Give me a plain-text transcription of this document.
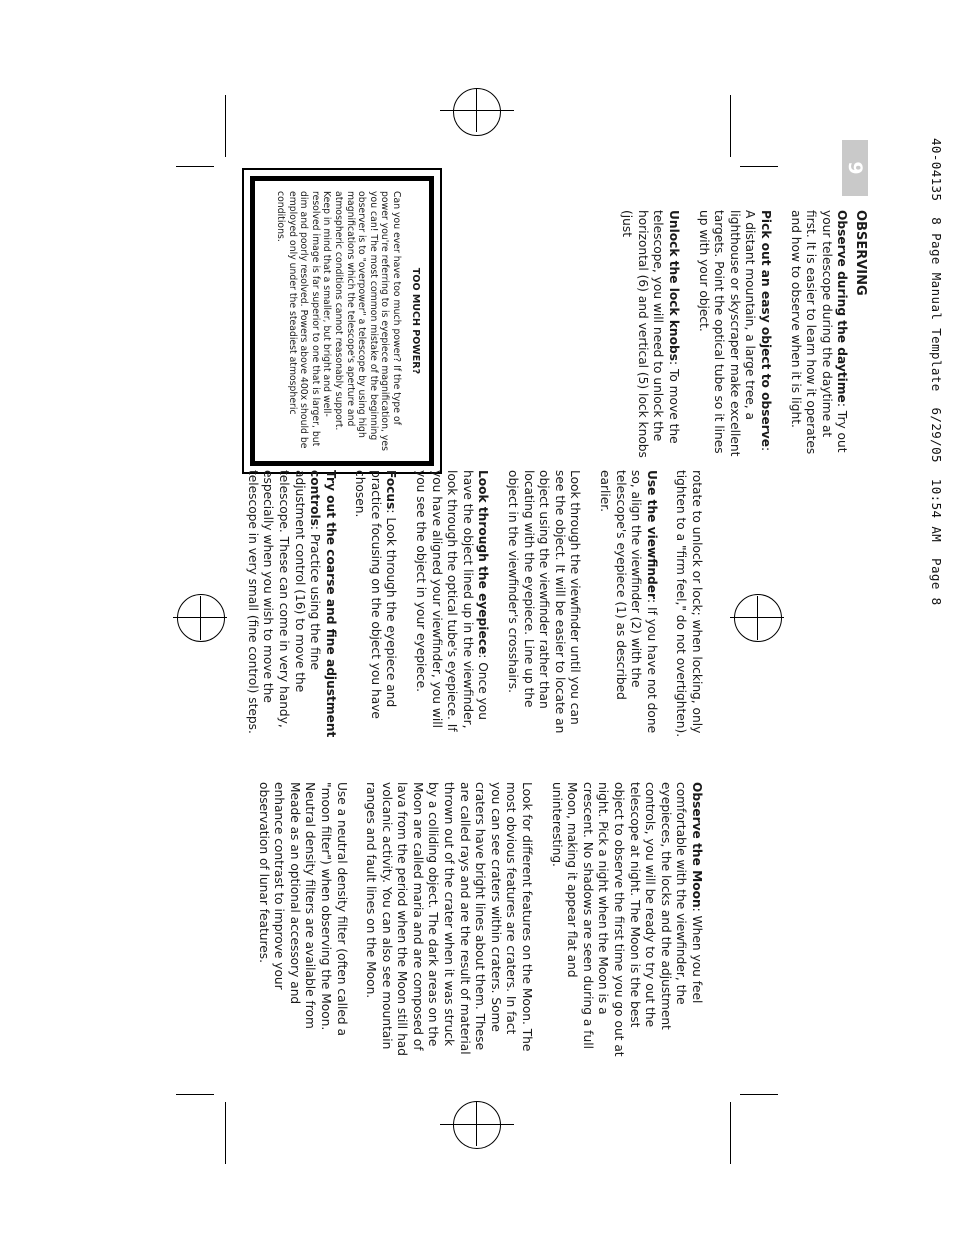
40-04135  8 Page Manual Template  6/29/05  10:54 AM  Page 8
9
OBSERVING

Observe during the daytime: Try out your telescope during the daytime at first. It is easier to learn how it operates and how to observe when it is light.

Pick out an easy object to observe: A distant mountain, a large tree, a lighthouse or skyscraper make excellent targets. Point the optical tube so it lines up with your object.

Unlock the lock knobs: To move the telescope, you will need to unlock the horizontal (6) and vertical (5) lock knobs (just

TOO MUCH POWER?
Can you ever have too much power? If the type of power you're referring to is eyepiece magnification, yes you can! The most common mistake of the beginning observer is to "overpower" a telescope by using high magnifications which the telescope's aperture and atmospheric conditions cannot reasonably support. Keep in mind that a smaller, but bright and well-resolved image is far superior to one that is larger, but dim and poorly resolved. Powers above 400x should be employed only under the steadiest atmospheric conditions.

rotate to unlock or lock; when locking, only tighten to a "firm feel," do not overtighten).

Use the viewfinder: If you have not done so, align the viewfinder (2) with the telescope's eyepiece (1) as described earlier.

Look through the viewfinder until you can see the object. It will be easier to locate an object using the viewfinder rather than locating with the eyepiece. Line up the object in the viewfinder's crosshairs.

Look through the eyepiece: Once you have the object lined up in the viewfinder, look through the optical tube's eyepiece. If you have aligned your viewfinder, you will you see the object in your eyepiece.

Focus: Look through the eyepiece and practice focusing on the object you have chosen.

Try out the coarse and fine adjustment controls: Practice using the fine adjustment control (16) to move the telescope. These can come in very handy, especially when you wish to move the telescope in very small (fine control) steps.

Observe the Moon: When you feel comfortable with the viewfinder, the eyepieces, the locks and the adjustment controls, you will be ready to try out the telescope at night. The Moon is the best object to observe the first time you go out at night. Pick a night when the Moon is a crescent. No shadows are seen during a full Moon, making it appear flat and uninteresting.

Look for different features on the Moon. The most obvious features are craters. In fact you can see craters within craters. Some craters have bright lines about them. These are called rays and are the result of material thrown out of the crater when it was struck by a colliding object. The dark areas on the Moon are called maria and are composed of lava from the period when the Moon still had volcanic activity. You can also see mountain ranges and fault lines on the Moon.

Use a neutral density filter (often called a "moon filter") when observing the Moon. Neutral density filters are available from Meade as an optional accessory and enhance contrast to improve your observation of lunar features.
